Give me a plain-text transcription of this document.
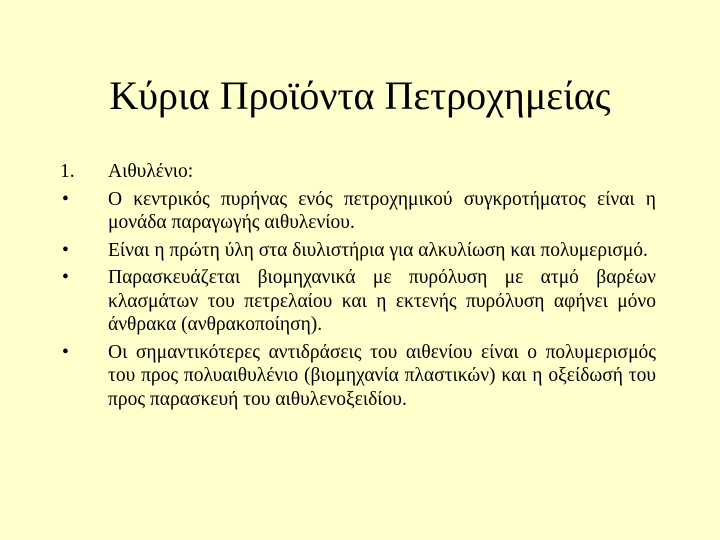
Κύρια Προϊόντα Πετροχημείας
1.	Αιθυλένιο:
•	Ο κεντρικός πυρήνας ενός πετροχημικού συγκροτήματος είναι η μονάδα παραγωγής αιθυλενίου.
•	Είναι η πρώτη ύλη στα διυλιστήρια για αλκυλίωση και πολυμερισμό.
•	Παρασκευάζεται βιομηχανικά με πυρόλυση με ατμό βαρέων κλασμάτων του πετρελαίου και η εκτενής πυρόλυση αφήνει μόνο άνθρακα (ανθρακοποίηση).
•	Οι σημαντικότερες αντιδράσεις του αιθενίου είναι ο πολυμερισμός του προς πολυαιθυλένιο (βιομηχανία πλαστικών) και η οξείδωσή του προς παρασκευή του αιθυλενοξειδίου.
